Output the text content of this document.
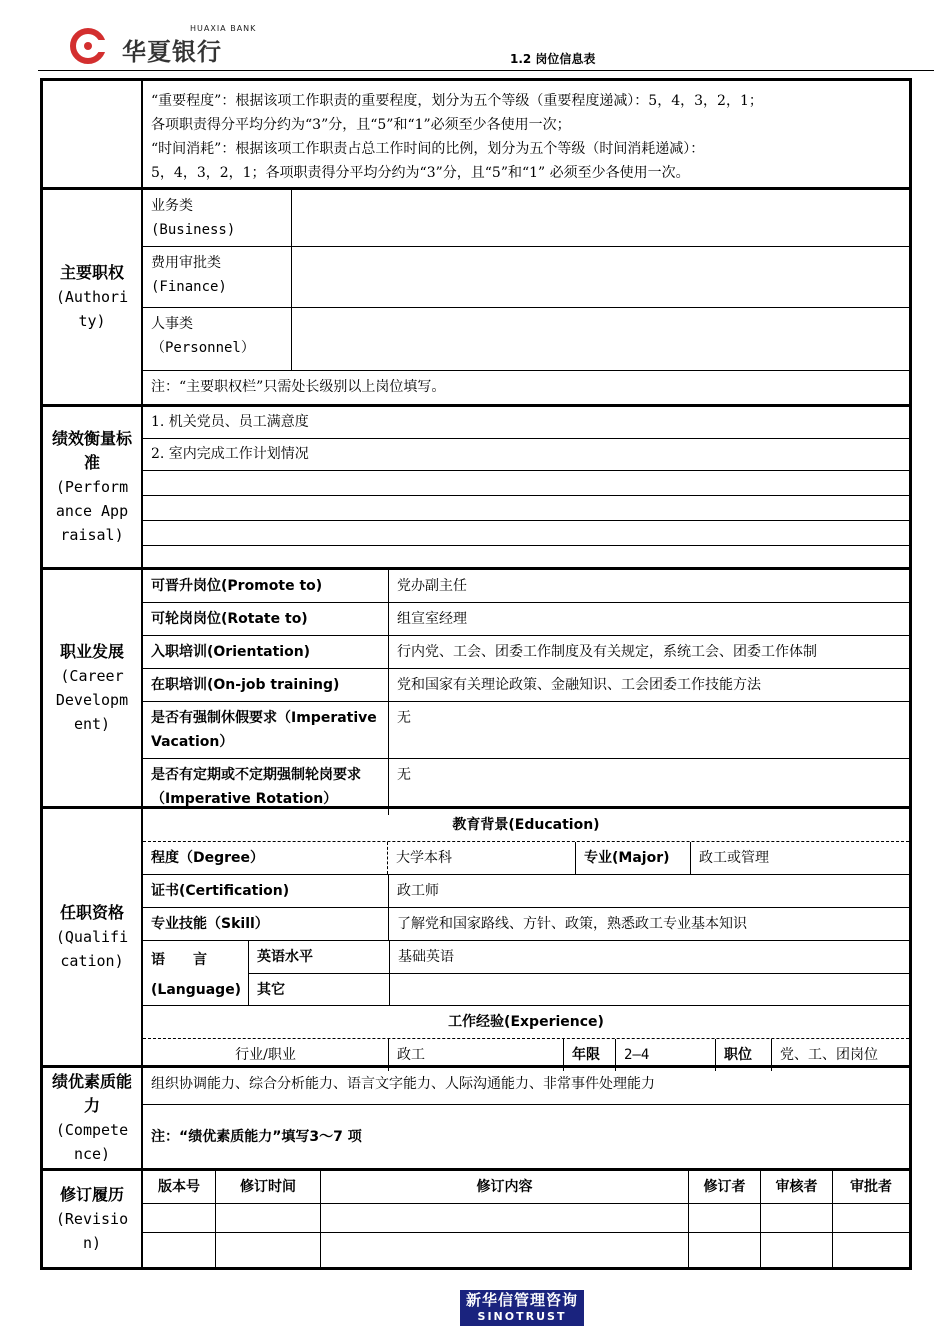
HUAXIA BANK
华夏银行	1.2 岗位信息表
“重要程度”：根据该项工作职责的重要程度，划分为五个等级（重要程度递减）：5，4，3，2，1；
各项职责得分平均分约为“3”分，且“5”和“1”必须至少各使用一次；
“时间消耗”：根据该项工作职责占总工作时间的比例，划分为五个等级（时间消耗递减）：
5，4，3，2，1；各项职责得分平均分约为“3”分，且“5”和“1” 必须至少各使用一次。
主要职权
(Authority)
业务类
(Business)
费用审批类
(Finance)
人事类
（Personnel）
注：“主要职权栏”只需处长级别以上岗位填写。
绩效衡量标准
(Performance Appraisal)
1. 机关党员、员工满意度
2. 室内完成工作计划情况
职业发展
(Career Development)
可晋升岗位(Promote to)	党办副主任
可轮岗岗位(Rotate to)	组宣室经理
入职培训(Orientation)	行内党、工会、团委工作制度及有关规定，系统工会、团委工作体制
在职培训(On-job training)	党和国家有关理论政策、金融知识、工会团委工作技能方法
是否有强制休假要求（Imperative Vacation）
无
是否有定期或不定期强制轮岗要求（Imperative Rotation）
无
任职资格
(Qualification)
教育背景(Education)
程度（Degree）	大学本科	专业(Major)	政工或管理
证书(Certification)	政工师
专业技能（Skill）	了解党和国家路线、方针、政策，熟悉政工专业基本知识
语　　言
(Language)
英语水平	基础英语
其它
工作经验(Experience)
行业/职业	政工	年限	2—4	职位	党、工、团岗位
绩优素质能力
(Competence)
组织协调能力、综合分析能力、语言文字能力、人际沟通能力、非常事件处理能力
注：“绩优素质能力”填写3～7 项
修订履历
(Revision)
版本号	修订时间	修订内容	修订者	审核者	审批者
新华信管理咨询
SINOTRUST
